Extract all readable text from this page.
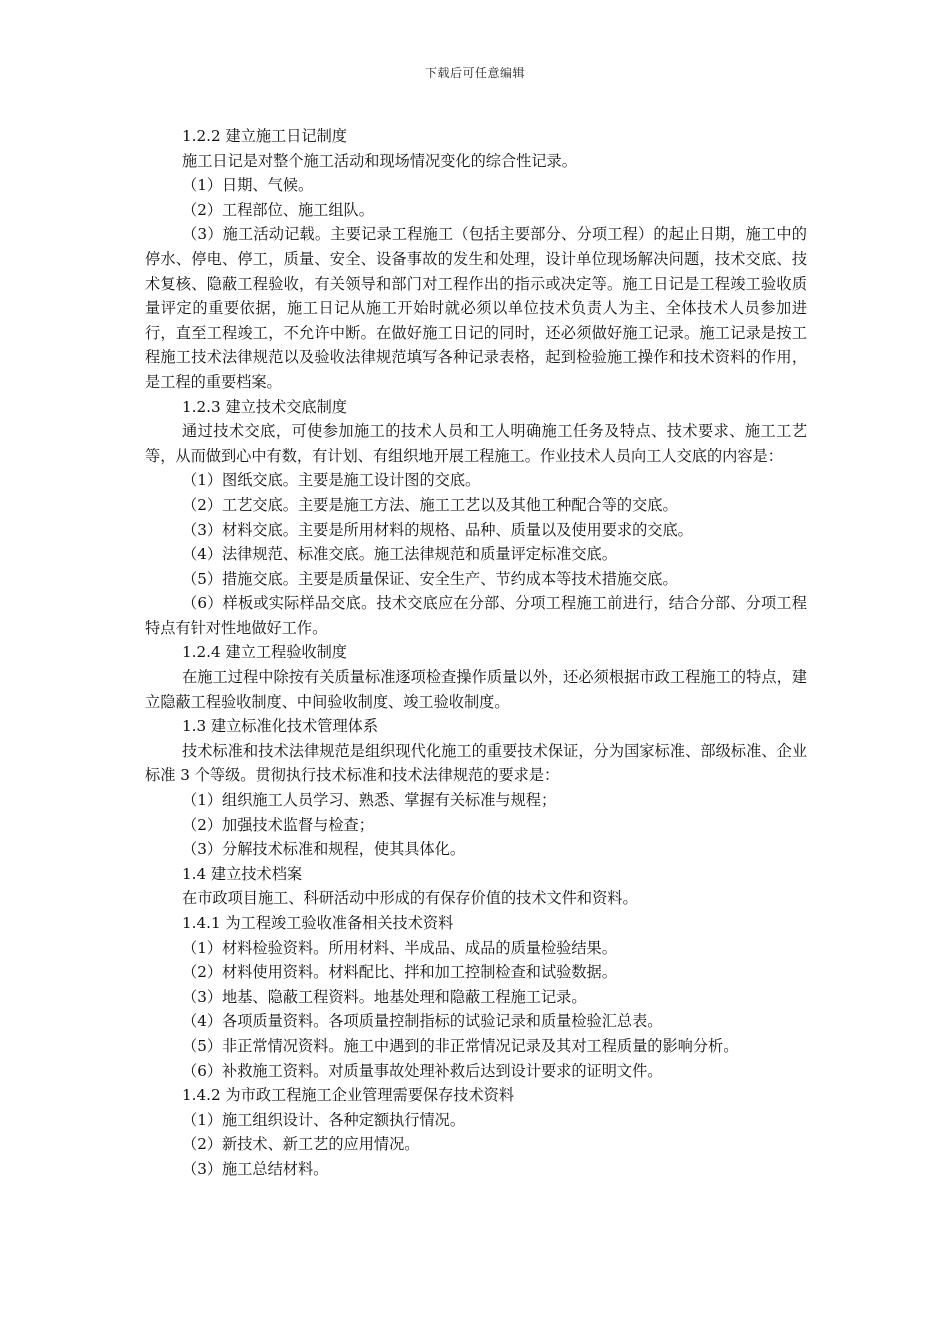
下载后可任意编辑

1.2.2 建立施工日记制度

施工日记是对整个施工活动和现场情况变化的综合性记录。

（1）日期、气候。

（2）工程部位、施工组队。

（3）施工活动记载。主要记录工程施工（包括主要部分、分项工程）的起止日期，施工中的停水、停电、停工，质量、安全、设备事故的发生和处理，设计单位现场解决问题，技术交底、技术复核、隐蔽工程验收，有关领导和部门对工程作出的指示或决定等。施工日记是工程竣工验收质量评定的重要依据，施工日记从施工开始时就必须以单位技术负责人为主、全体技术人员参加进行，直至工程竣工，不允许中断。在做好施工日记的同时，还必须做好施工记录。施工记录是按工程施工技术法律规范以及验收法律规范填写各种记录表格，起到检验施工操作和技术资料的作用，是工程的重要档案。

1.2.3 建立技术交底制度

通过技术交底，可使参加施工的技术人员和工人明确施工任务及特点、技术要求、施工工艺等，从而做到心中有数，有计划、有组织地开展工程施工。作业技术人员向工人交底的内容是：

（1）图纸交底。主要是施工设计图的交底。

（2）工艺交底。主要是施工方法、施工工艺以及其他工种配合等的交底。

（3）材料交底。主要是所用材料的规格、品种、质量以及使用要求的交底。

（4）法律规范、标准交底。施工法律规范和质量评定标准交底。

（5）措施交底。主要是质量保证、安全生产、节约成本等技术措施交底。

（6）样板或实际样品交底。技术交底应在分部、分项工程施工前进行，结合分部、分项工程特点有针对性地做好工作。

1.2.4 建立工程验收制度

在施工过程中除按有关质量标准逐项检查操作质量以外，还必须根据市政工程施工的特点，建立隐蔽工程验收制度、中间验收制度、竣工验收制度。

1.3 建立标准化技术管理体系

技术标准和技术法律规范是组织现代化施工的重要技术保证，分为国家标准、部级标准、企业标准 3 个等级。贯彻执行技术标准和技术法律规范的要求是：

（1）组织施工人员学习、熟悉、掌握有关标准与规程；

（2）加强技术监督与检查；

（3）分解技术标准和规程，使其具体化。

1.4 建立技术档案

在市政项目施工、科研活动中形成的有保存价值的技术文件和资料。

1.4.1 为工程竣工验收准备相关技术资料

（1）材料检验资料。所用材料、半成品、成品的质量检验结果。

（2）材料使用资料。材料配比、拌和加工控制检查和试验数据。

（3）地基、隐蔽工程资料。地基处理和隐蔽工程施工记录。

（4）各项质量资料。各项质量控制指标的试验记录和质量检验汇总表。

（5）非正常情况资料。施工中遇到的非正常情况记录及其对工程质量的影响分析。

（6）补救施工资料。对质量事故处理补救后达到设计要求的证明文件。

1.4.2 为市政工程施工企业管理需要保存技术资料

（1）施工组织设计、各种定额执行情况。

（2）新技术、新工艺的应用情况。

（3）施工总结材料。
